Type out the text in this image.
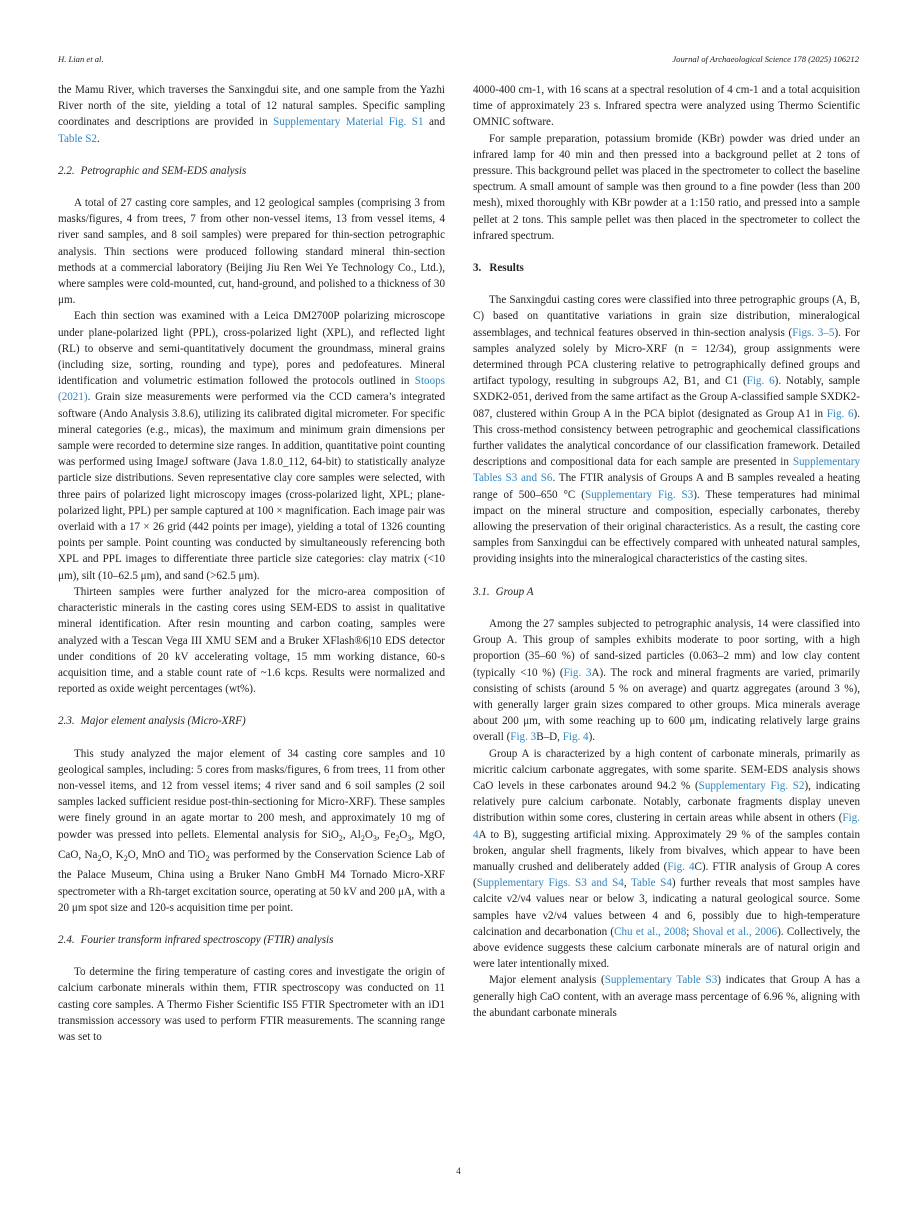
H. Lian et al.	Journal of Archaeological Science 178 (2025) 106212

the Mamu River, which traverses the Sanxingdui site, and one sample from the Yazhi River north of the site, yielding a total of 12 natural samples. Specific sampling coordinates and descriptions are provided in Supplementary Material Fig. S1 and Table S2.

2.2. Petrographic and SEM-EDS analysis

A total of 27 casting core samples, and 12 geological samples (comprising 3 from masks/figures, 4 from trees, 7 from other non-vessel items, 13 from vessel items, 4 river sand samples, and 8 soil samples) were prepared for thin-section petrographic analysis. Thin sections were produced following standard mineral thin-section methods at a commercial laboratory (Beijing Jiu Ren Wei Ye Technology Co., Ltd.), where samples were cold-mounted, cut, hand-ground, and polished to a thickness of 30 μm.

Each thin section was examined with a Leica DM2700P polarizing microscope under plane-polarized light (PPL), cross-polarized light (XPL), and reflected light (RL) to observe and semi-quantitatively document the groundmass, mineral grains (including size, sorting, rounding and type), pores and pedofeatures. Mineral identification and volumetric estimation followed the protocols outlined in Stoops (2021). Grain size measurements were performed via the CCD camera’s integrated software (Ando Analysis 3.8.6), utilizing its calibrated digital micrometer. For specific mineral categories (e.g., micas), the maximum and minimum grain dimensions per sample were recorded to determine size ranges. In addition, quantitative point counting was performed using ImageJ software (Java 1.8.0_112, 64-bit) to statistically analyze particle size distributions. Seven representative clay core samples were selected, with three pairs of polarized light microscopy images (cross-polarized light, XPL; plane-polarized light, PPL) per sample captured at 100 × magnification. Each image pair was overlaid with a 17 × 26 grid (442 points per image), yielding a total of 1326 counting points per sample. Point counting was conducted by simultaneously referencing both XPL and PPL images to differentiate three particle size categories: clay matrix (<10 μm), silt (10–62.5 μm), and sand (>62.5 μm).

Thirteen samples were further analyzed for the micro-area composition of characteristic minerals in the casting cores using SEM-EDS to assist in qualitative mineral identification. After resin mounting and carbon coating, samples were analyzed with a Tescan Vega III XMU SEM and a Bruker XFlash®6|10 EDS detector under conditions of 20 kV accelerating voltage, 15 mm working distance, 60-s acquisition time, and a stable count rate of ~1.6 kcps. Results were normalized and reported as oxide weight percentages (wt%).

2.3. Major element analysis (Micro-XRF)

This study analyzed the major element of 34 casting core samples and 10 geological samples, including: 5 cores from masks/figures, 6 from trees, 11 from other non-vessel items, and 12 from vessel items; 4 river sand and 6 soil samples (2 soil samples lacked sufficient residue post-thin-sectioning for Micro-XRF). These samples were finely ground in an agate mortar to 200 mesh, and approximately 10 mg of powder was pressed into pellets. Elemental analysis for SiO$_2$, $Al_2O_3$, $Fe_2O_3$, MgO, CaO, $Na_2O$, $K_2O$, MnO and TiO$_2$ was performed by the Conservation Science Lab of the Palace Museum, China using a Bruker Nano GmbH M4 Tornado Micro-XRF spectrometer with a Rh-target excitation source, operating at 50 kV and 200 μA, with a 20 μm spot size and 120-s acquisition time per point.

2.4. Fourier transform infrared spectroscopy (FTIR) analysis

To determine the firing temperature of casting cores and investigate the origin of calcium carbonate minerals within them, FTIR spectroscopy was conducted on 11 casting core samples. A Thermo Fisher Scientific IS5 FTIR Spectrometer with an iD1 transmission accessory was used to perform FTIR measurements. The scanning range was set to

4000-400 cm-1, with 16 scans at a spectral resolution of 4 cm-1 and a total acquisition time of approximately 23 s. Infrared spectra were analyzed using Thermo Scientific OMNIC software.

For sample preparation, potassium bromide (KBr) powder was dried under an infrared lamp for 40 min and then pressed into a background pellet at 2 tons of pressure. This background pellet was placed in the spectrometer to collect the baseline spectrum. A small amount of sample was then ground to a fine powder (less than 200 mesh), mixed thoroughly with KBr powder at a 1:150 ratio, and pressed into a sample pellet at 2 tons. This sample pellet was then placed in the spectrometer to collect the infrared spectrum.

3. Results

The Sanxingdui casting cores were classified into three petrographic groups (A, B, C) based on quantitative variations in grain size distribution, mineralogical assemblages, and technical features observed in thin-section analysis (Figs. 3–5). For samples analyzed solely by Micro-XRF (n = 12/34), group assignments were determined through PCA clustering relative to petrographically defined groups and artifact typology, resulting in subgroups A2, B1, and C1 (Fig. 6). Notably, sample SXDK2-051, derived from the same artifact as the Group A-classified sample SXDK2-087, clustered within Group A in the PCA biplot (designated as Group A1 in Fig. 6). This cross-method consistency between petrographic and geochemical classifications further validates the analytical concordance of our classification framework. Detailed descriptions and compositional data for each sample are presented in Supplementary Tables S3 and S6. The FTIR analysis of Groups A and B samples revealed a heating range of 500–650 °C (Supplementary Fig. S3). These temperatures had minimal impact on the mineral structure and composition, especially carbonates, thereby allowing the preservation of their original characteristics. As a result, the casting core samples from Sanxingdui can be effectively compared with unheated natural samples, providing insights into the mineralogical characteristics of the casting sites.

3.1. Group A

Among the 27 samples subjected to petrographic analysis, 14 were classified into Group A. This group of samples exhibits moderate to poor sorting, with a high proportion (35–60 %) of sand-sized particles (0.063–2 mm) and low clay content (typically <10 %) (Fig. 3A). The rock and mineral fragments are varied, primarily consisting of schists (around 5 % on average) and quartz aggregates (around 3 %), with generally larger grain sizes compared to other groups. Mica minerals average about 200 μm, with some reaching up to 600 μm, indicating relatively large grains overall (Fig. 3B–D, Fig. 4).

Group A is characterized by a high content of carbonate minerals, primarily as micritic calcium carbonate aggregates, with some sparite. SEM-EDS analysis shows CaO levels in these carbonates around 94.2 % (Supplementary Fig. S2), indicating relatively pure calcium carbonate. Notably, carbonate fragments display uneven distribution within some cores, clustering in certain areas while absent in others (Fig. 4A to B), suggesting artificial mixing. Approximately 29 % of the samples contain broken, angular shell fragments, likely from bivalves, which appear to have been manually crushed and deliberately added (Fig. 4C). FTIR analysis of Group A cores (Supplementary Figs. S3 and S4, Table S4) further reveals that most samples have calcite ν2/ν4 values near or below 3, indicating a natural geological source. Some samples have ν2/ν4 values between 4 and 6, possibly due to high-temperature calcination and decarbonation (Chu et al., 2008; Shoval et al., 2006). Collectively, the above evidence suggests these calcium carbonate minerals are of natural origin and were later intentionally mixed.

Major element analysis (Supplementary Table S3) indicates that Group A has a generally high CaO content, with an average mass percentage of 6.96 %, aligning with the abundant carbonate minerals

4
